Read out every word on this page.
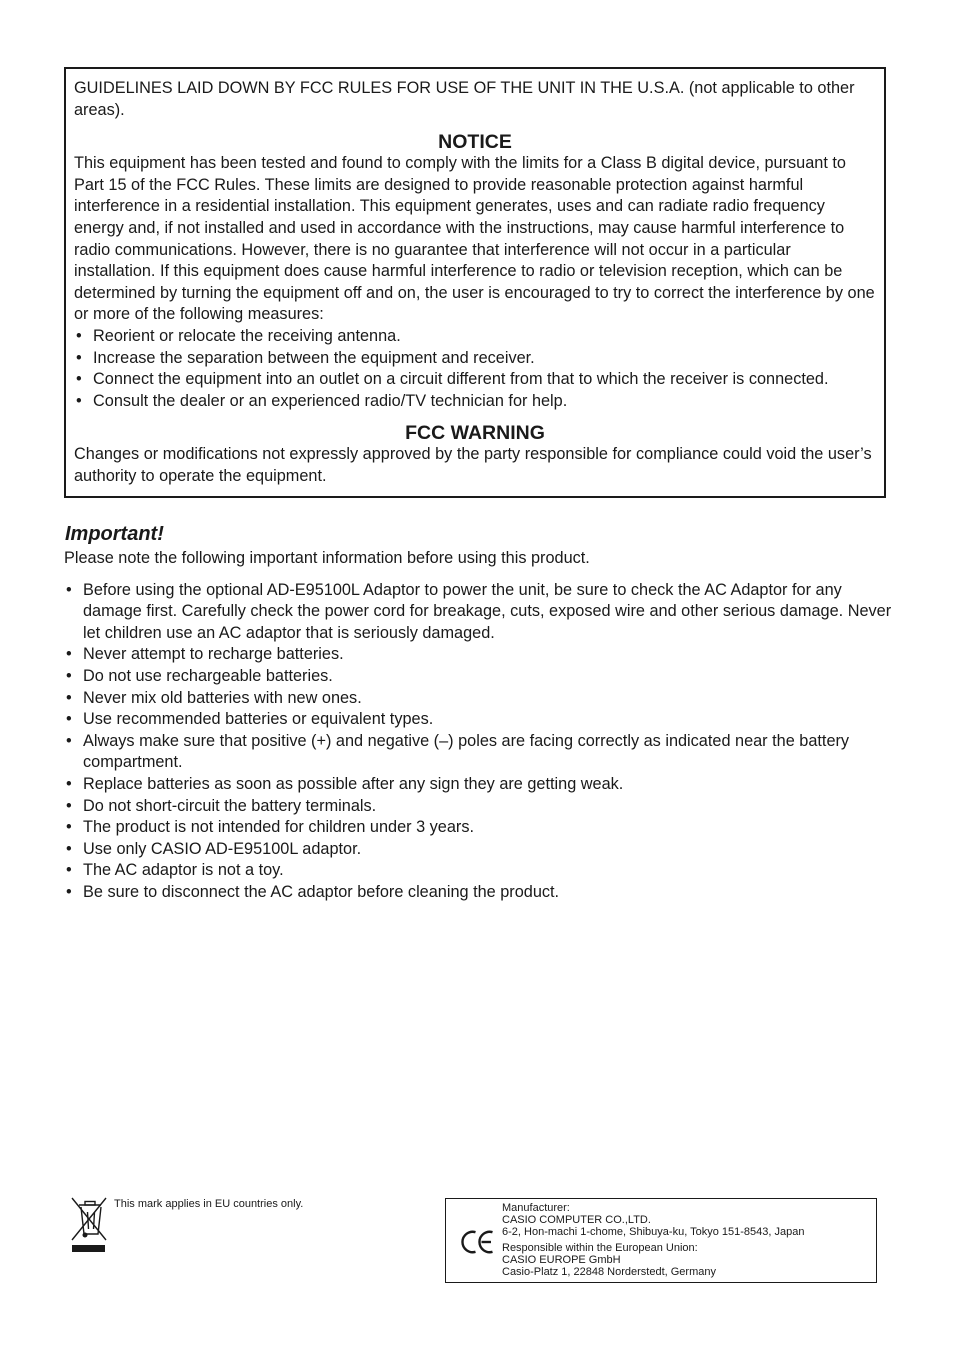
GUIDELINES LAID DOWN BY FCC RULES FOR USE OF THE UNIT IN THE U.S.A. (not applicable to other areas).

NOTICE

This equipment has been tested and found to comply with the limits for a Class B digital device, pursuant to Part 15 of the FCC Rules. These limits are designed to provide reasonable protection against harmful interference in a residential installation. This equipment generates, uses and can radiate radio frequency energy and, if not installed and used in accordance with the instructions, may cause harmful interference to radio communications. However, there is no guarantee that interference will not occur in a particular installation. If this equipment does cause harmful interference to radio or television reception, which can be determined by turning the equipment off and on, the user is encouraged to try to correct the interference by one or more of the following measures:

• Reorient or relocate the receiving antenna.
• Increase the separation between the equipment and receiver.
• Connect the equipment into an outlet on a circuit different from that to which the receiver is connected.
• Consult the dealer or an experienced radio/TV technician for help.
FCC WARNING

Changes or modifications not expressly approved by the party responsible for compliance could void the user’s authority to operate the equipment.

Important!

Please note the following important information before using this product.

• Before using the optional AD-E95100L Adaptor to power the unit, be sure to check the AC Adaptor for any damage first. Carefully check the power cord for breakage, cuts, exposed wire and other serious damage. Never let children use an AC adaptor that is seriously damaged.
• Never attempt to recharge batteries.
• Do not use rechargeable batteries.
• Never mix old batteries with new ones.
• Use recommended batteries or equivalent types.
• Always make sure that positive (+) and negative (–) poles are facing correctly as indicated near the battery compartment.
• Replace batteries as soon as possible after any sign they are getting weak.
• Do not short-circuit the battery terminals.
• The product is not intended for children under 3 years.
• Use only CASIO AD-E95100L adaptor.
• The AC adaptor is not a toy.
• Be sure to disconnect the AC adaptor before cleaning the product.
This mark applies in EU countries only.	Manufacturer:
CASIO COMPUTER CO.,LTD.
6-2, Hon-machi 1-chome, Shibuya-ku, Tokyo 151-8543, Japan
Responsible within the European Union:
CASIO EUROPE GmbH
Casio-Platz 1, 22848 Norderstedt, Germany
